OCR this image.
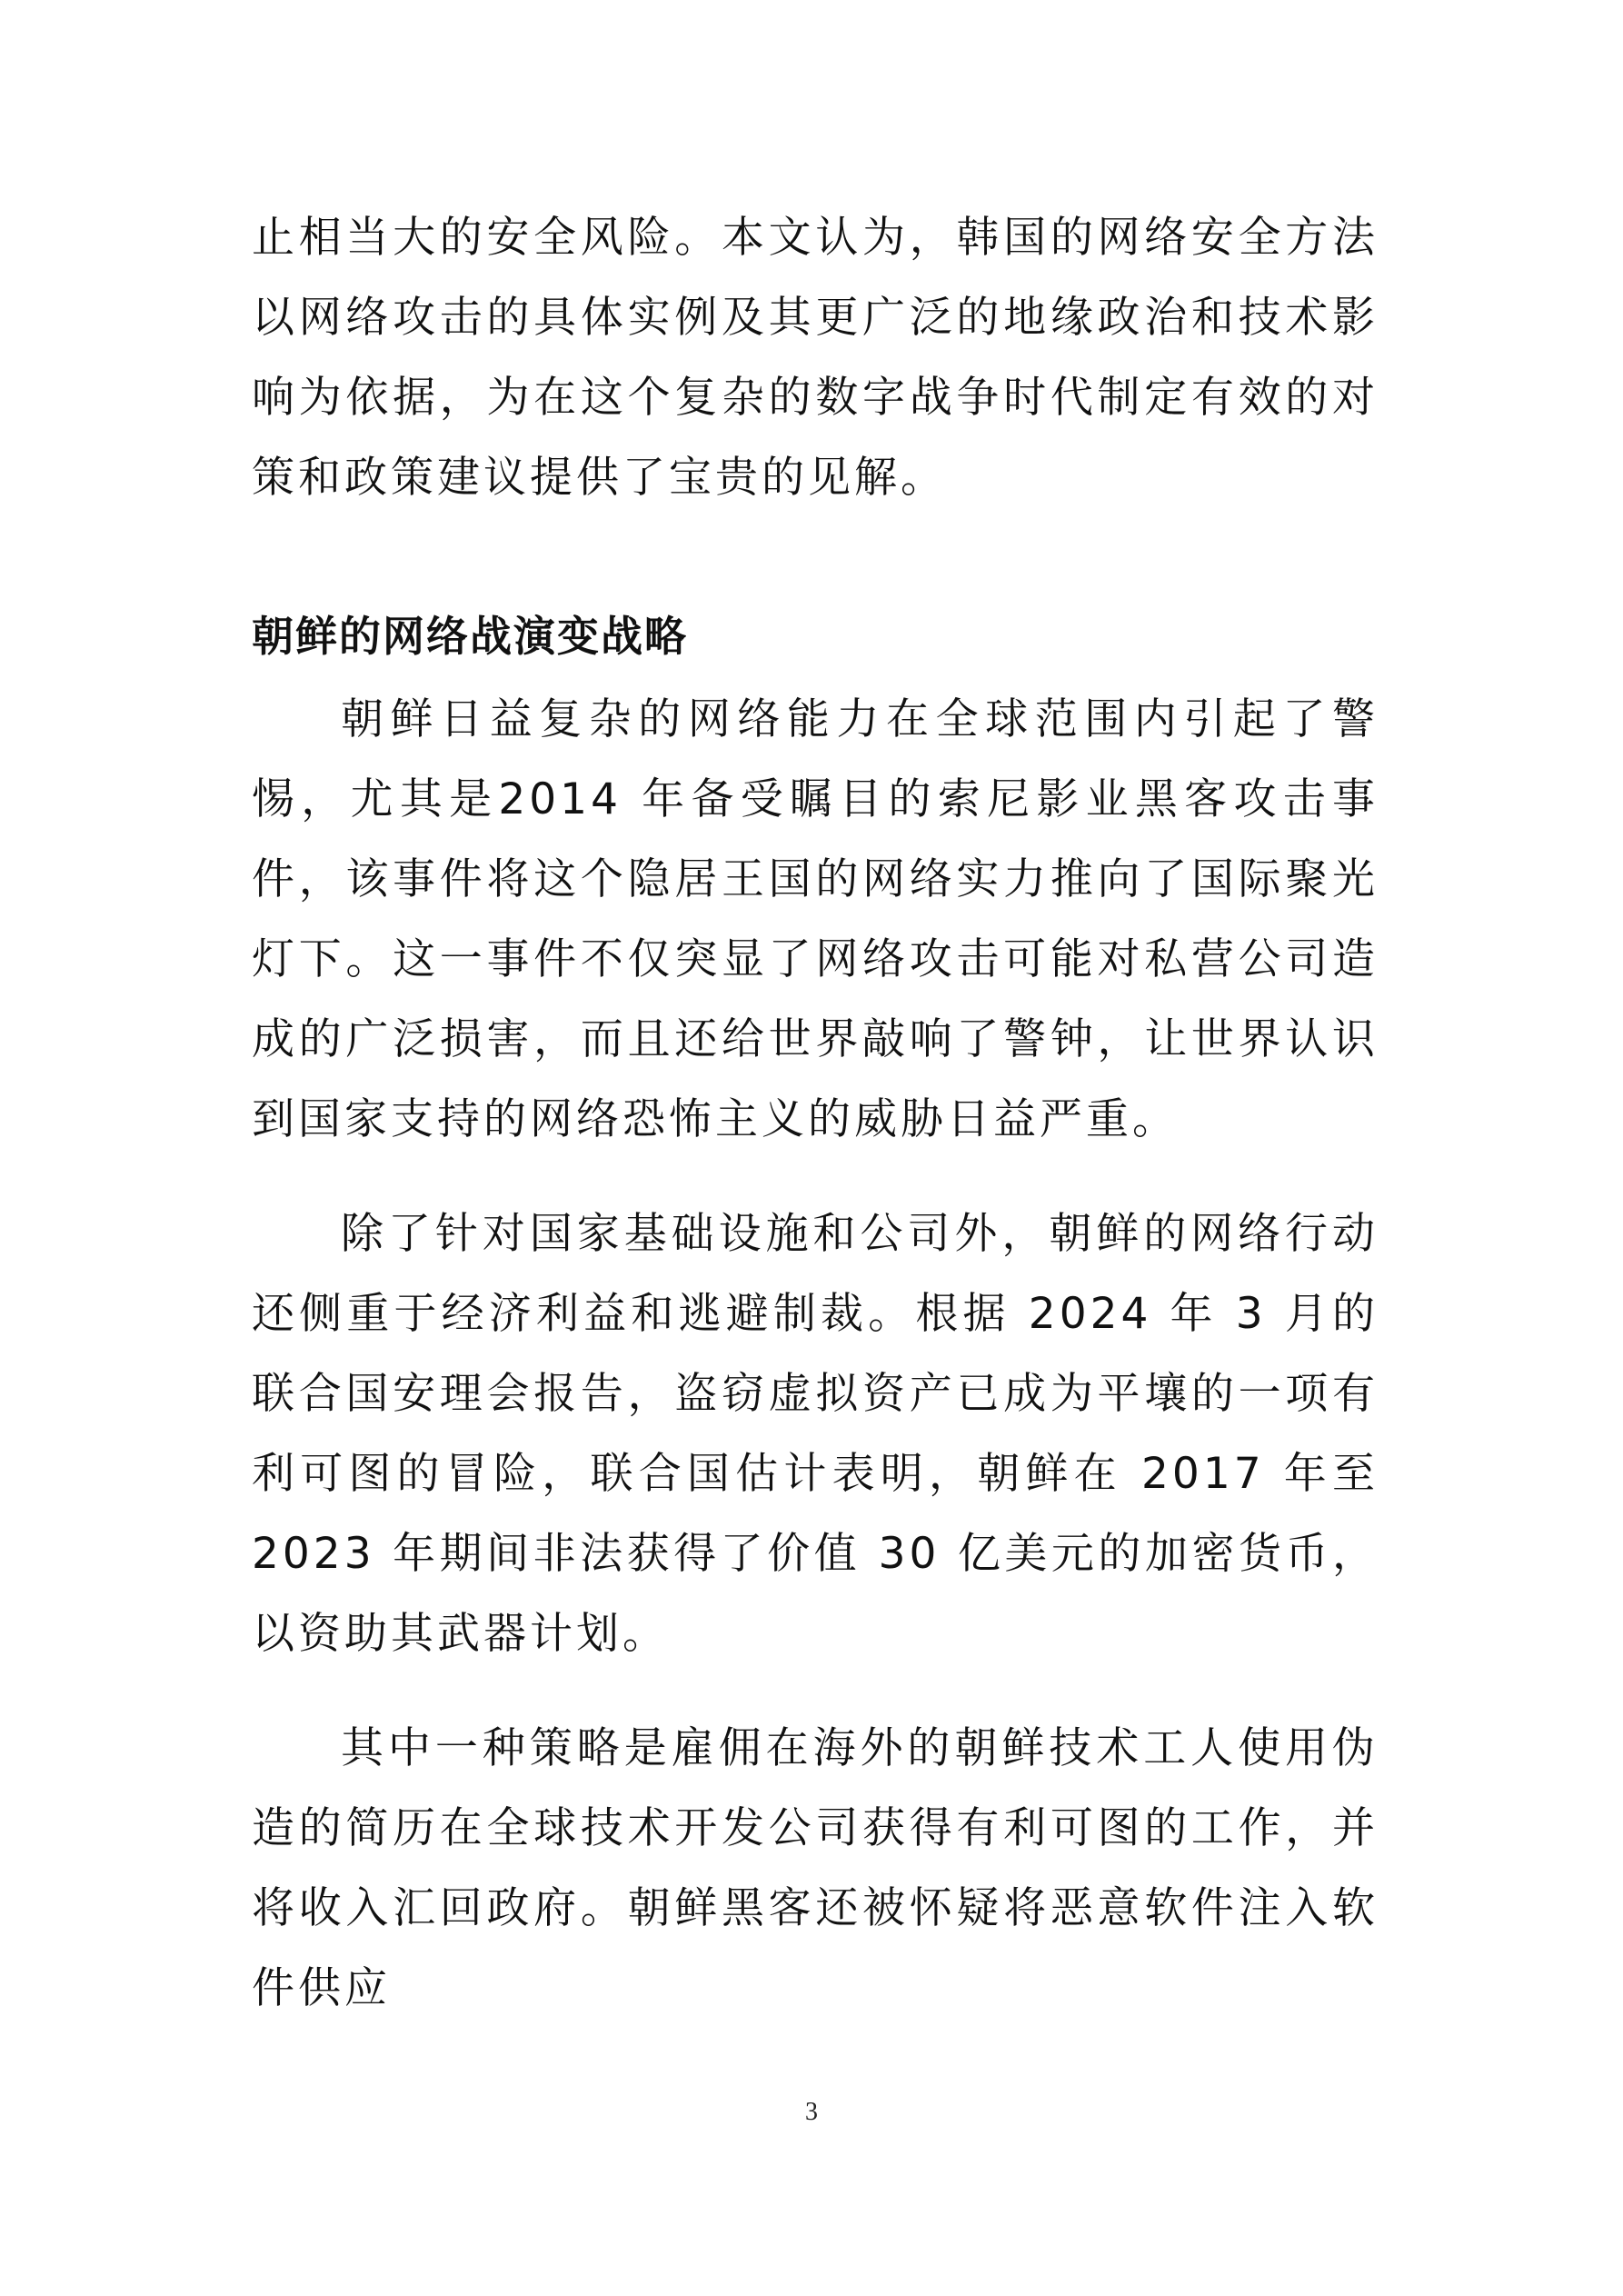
止相当大的安全风险。本文认为，韩国的网络安全方法以网络攻击的具体实例及其更广泛的地缘政治和技术影响为依据，为在这个复杂的数字战争时代制定有效的对策和政策建议提供了宝贵的见解。

朝鲜的网络战演变战略

朝鲜日益复杂的网络能力在全球范围内引起了警惕，尤其是2014 年备受瞩目的索尼影业黑客攻击事件，该事件将这个隐居王国的网络实力推向了国际聚光灯下。这一事件不仅突显了网络攻击可能对私营公司造成的广泛损害，而且还给世界敲响了警钟，让世界认识到国家支持的网络恐怖主义的威胁日益严重。

除了针对国家基础设施和公司外，朝鲜的网络行动还侧重于经济利益和逃避制裁。根据 2024 年 3 月的联合国安理会报告，盗窃虚拟资产已成为平壤的一项有利可图的冒险，联合国估计表明，朝鲜在 2017 年至 2023 年期间非法获得了价值 30 亿美元的加密货币，以资助其武器计划。

其中一种策略是雇佣在海外的朝鲜技术工人使用伪造的简历在全球技术开发公司获得有利可图的工作，并将收入汇回政府。朝鲜黑客还被怀疑将恶意软件注入软件供应

3
